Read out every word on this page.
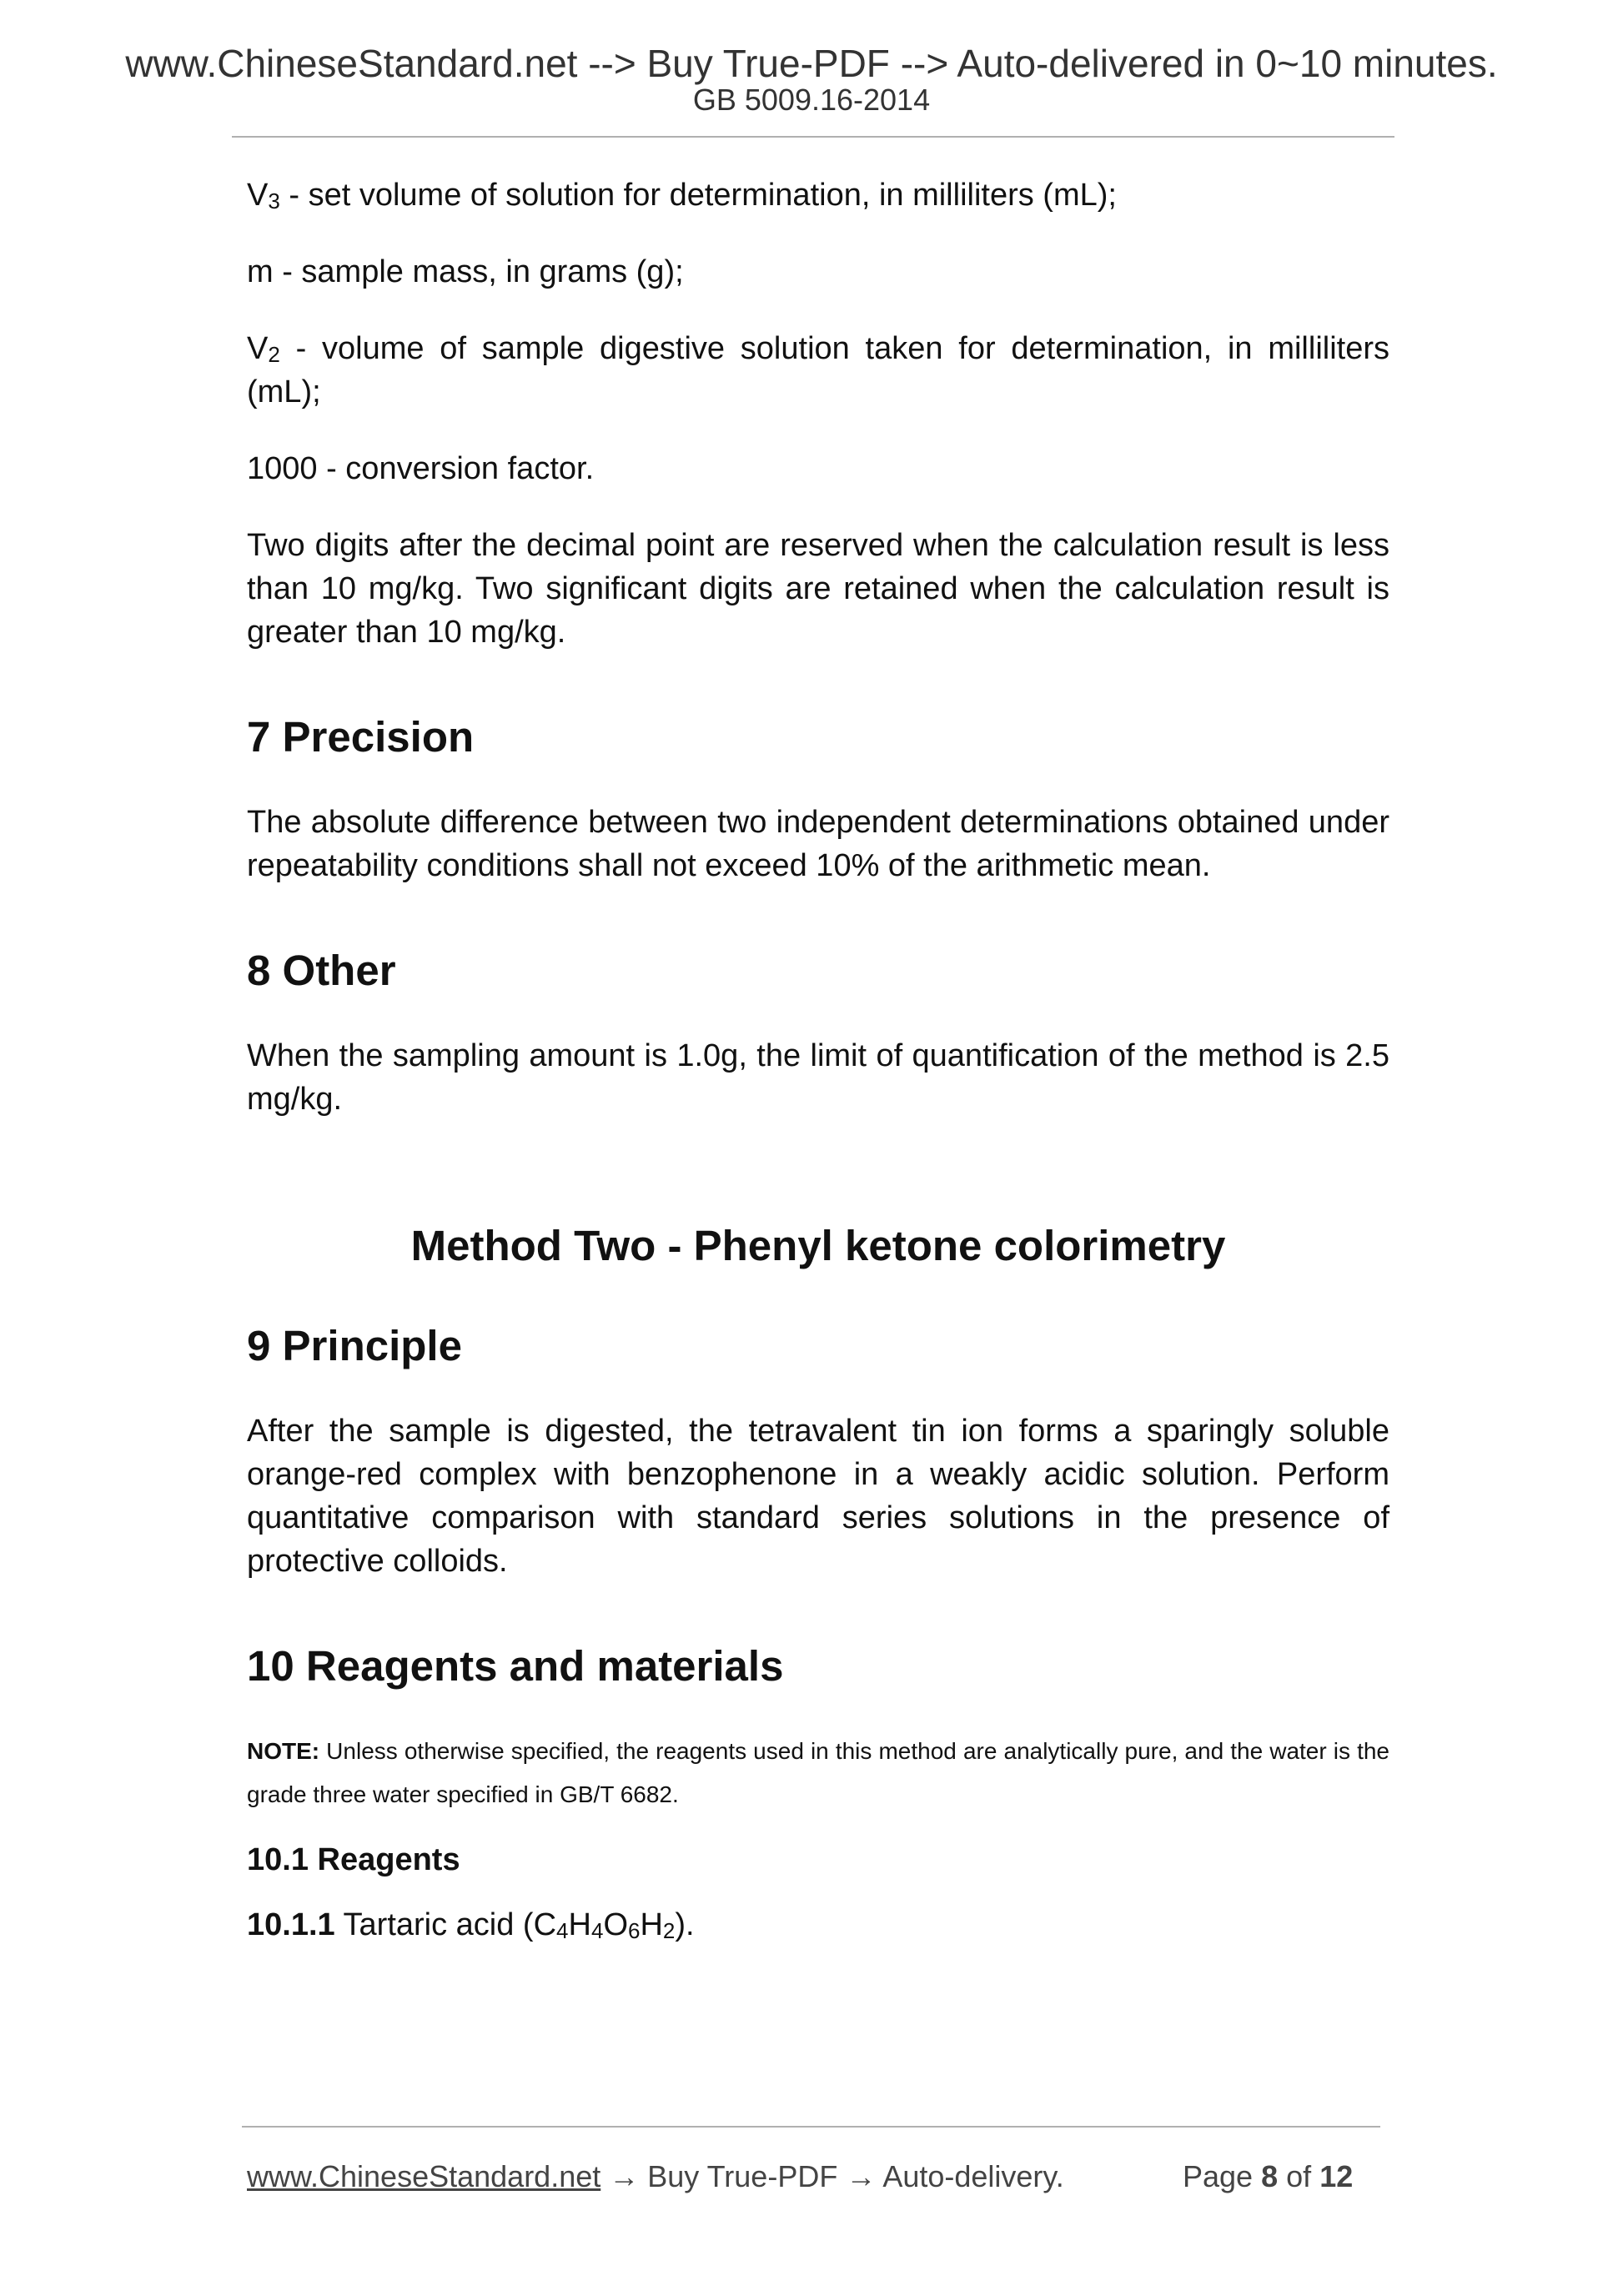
www.ChineseStandard.net --> Buy True-PDF --> Auto-delivered in 0~10 minutes.
GB 5009.16-2014

$V_3$ - set volume of solution for determination, in milliliters (mL);

m - sample mass, in grams (g);

$V_2$ - volume of sample digestive solution taken for determination, in milliliters (mL);

1000 - conversion factor.

Two digits after the decimal point are reserved when the calculation result is less than 10 mg/kg. Two significant digits are retained when the calculation result is greater than 10 mg/kg.

7 Precision

The absolute difference between two independent determinations obtained under repeatability conditions shall not exceed 10% of the arithmetic mean.

8 Other

When the sampling amount is 1.0g, the limit of quantification of the method is 2.5 mg/kg.

Method Two - Phenyl ketone colorimetry
9 Principle

After the sample is digested, the tetravalent tin ion forms a sparingly soluble orange-red complex with benzophenone in a weakly acidic solution. Perform quantitative comparison with standard series solutions in the presence of protective colloids.

10 Reagents and materials

NOTE: Unless otherwise specified, the reagents used in this method are analytically pure, and the water is the grade three water specified in GB/T 6682.

10.1 Reagents

10.1.1 Tartaric acid $(C_4H_4O_6H_2)$.

www.ChineseStandard.net → Buy True-PDF → Auto-delivery.	Page 8 of 12
